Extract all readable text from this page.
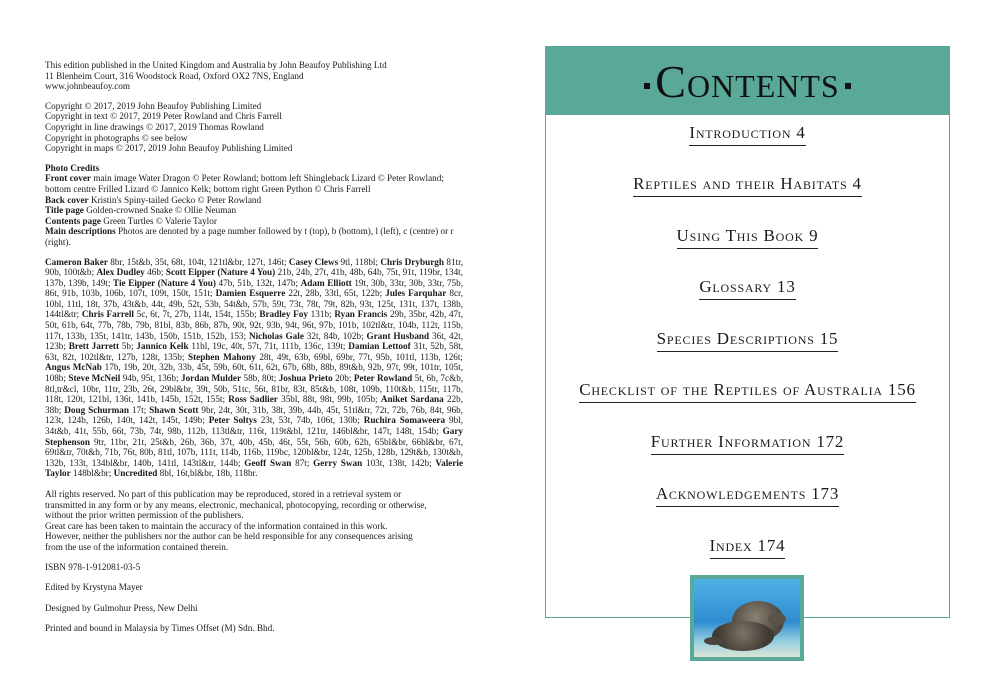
This edition published in the United Kingdom and Australia by John Beaufoy Publishing Ltd
11 Blenheim Court, 316 Woodstock Road, Oxford OX2 7NS, England
www.johnbeaufoy.com

Copyright © 2017, 2019 John Beaufoy Publishing Limited
Copyright in text © 2017, 2019 Peter Rowland and Chris Farrell
Copyright in line drawings © 2017, 2019 Thomas Rowland
Copyright in photographs © see below
Copyright in maps © 2017, 2019 John Beaufoy Publishing Limited

Photo Credits
Front cover main image Water Dragon © Peter Rowland; bottom left Shingleback Lizard © Peter Rowland; bottom centre Frilled Lizard © Jannico Kelk; bottom right Green Python © Chris Farrell
Back cover Kristin's Spiny-tailed Gecko © Peter Rowland
Title page Golden-crowned Snake © Ollie Neuman
Contents page Green Turtles © Valerie Taylor
Main descriptions Photos are denoted by a page number followed by t (top), b (bottom), l (left), c (centre) or r (right).

Cameron Baker 8br, 15t&b, 35t, 68t, 104t, 121tl&br, 127t, 146t; Casey Clews 9tl, 118bl; Chris Dryburgh 81tr, 90b, 100t&b; Alex Dudley 46b; Scott Eipper (Nature 4 You) 21b, 24b, 27t, 41b, 48b, 64b, 75t, 91t, 119br, 134t, 137b, 139b, 149t; Tie Eipper (Nature 4 You) 47b, 51b, 132t, 147b; Adam Elliott 19t, 30b, 33tr, 30b, 33tr, 75b, 86t, 91b, 103b, 106b, 107t, 109t, 150t, 151t; Damien Esquerre 22t, 28b, 33tl, 65t, 122b; Jules Farquhar 8cr, 10bl, 11tl, 18t, 37b, 43t&b, 44t, 49b, 52t, 53b, 54t&b, 57b, 59t, 73t, 78t, 79t, 82b, 93t, 125t, 131t, 137t, 138b, 144tl&tr; Chris Farrell 5c, 6t, 7t, 27b, 114t, 154t, 155b; Bradley Foy 131b; Ryan Francis 29b, 35br, 42b, 47t, 50t, 61b, 64t, 77b, 78b, 79b, 81bl, 83b, 86b, 87b, 90t, 92t, 93b, 94t, 96t, 97b, 101b, 102tl&tr, 104b, 112t, 115b, 117t, 133b, 135t, 141tr, 143b, 150b, 151b, 152b, 153; Nicholas Gale 32t, 84b, 102b; Grant Husband 36t, 42t, 123b; Brett Jarrett 5b; Jannico Kelk 11bl, 19c, 40t, 57t, 71t, 111b, 136c, 139t; Damian Lettoof 31t, 52b, 58t, 63t, 82t, 102tl&tr, 127b, 128t, 135b; Stephen Mahony 28t, 49t, 63b, 69bl, 69br, 77t, 95b, 101tl, 113b, 126t; Angus McNab 17b, 19b, 20t, 32b, 33b, 45t, 59b, 60t, 61t, 62t, 67b, 68b, 88b, 89t&b, 92b, 97t, 99t, 101tr, 105t, 108b; Steve McNeil 94b, 95t, 136b; Jordan Mulder 58b, 80t; Joshua Prieto 20b; Peter Rowland 5t, 6b, 7c&b, 8tl,tr&cl, 10br, 11tr, 23b, 26t, 29bl&br, 39t, 50b, 51tc, 56t, 81br, 83t, 85t&b, 108t, 109b, 110t&b, 115tr, 117b, 118t, 120t, 121bl, 136t, 141b, 145b, 152t, 155t; Ross Sadlier 35bl, 88t, 98t, 99b, 105b; Aniket Sardana 22b, 38b; Doug Schurman 17t; Shawn Scott 9br, 24t, 30t, 31b, 38t, 39b, 44b, 45t, 51tl&tr, 72t, 72b, 76b, 84t, 96b, 123t, 124b, 126b, 140t, 142t, 145t, 149b; Peter Soltys 23t, 53t, 74b, 106t, 130b; Ruchira Somaweera 9bl, 34t&b, 41t, 55b, 66t, 73b, 74t, 98b, 112b, 113tl&tr, 116t, 119t&bl, 121tr, 146bl&br, 147t, 148t, 154b; Gary Stephenson 9tr, 11br, 21t, 25t&b, 26b, 36b, 37t, 40b, 45b, 46t, 55t, 56b, 60b, 62b, 65bl&br, 66bl&br, 67t, 69tl&tr, 70t&b, 71b, 76t, 80b, 81tl, 107b, 111t, 114b, 116b, 119bc, 120bl&br, 124t, 125b, 128b, 129t&b, 130t&b, 132b, 133t, 134bl&br, 140b, 141tl, 143tl&tr, 144b; Geoff Swan 87t; Gerry Swan 103t, 138t, 142b; Valerie Taylor 148bl&br; Uncredited 8bl, 16t,bl&br, 18b, 118br.

All rights reserved. No part of this publication may be reproduced, stored in a retrieval system or
transmitted in any form or by any means, electronic, mechanical, photocopying, recording or otherwise,
without the prior written permission of the publishers.
Great care has been taken to maintain the accuracy of the information contained in this work.
However, neither the publishers nor the author can be held responsible for any consequences arising
from the use of the information contained therein.

ISBN 978-1-912081-03-5

Edited by Krystyna Mayer

Designed by Gulmohur Press, New Delhi

Printed and bound in Malaysia by Times Offset (M) Sdn. Bhd.

Contents
Introduction 4
Reptiles and their Habitats 4
Using This Book 9
Glossary 13
Species Descriptions 15
Checklist of the Reptiles of Australia 156
Further Information 172
Acknowledgements 173
Index 174
